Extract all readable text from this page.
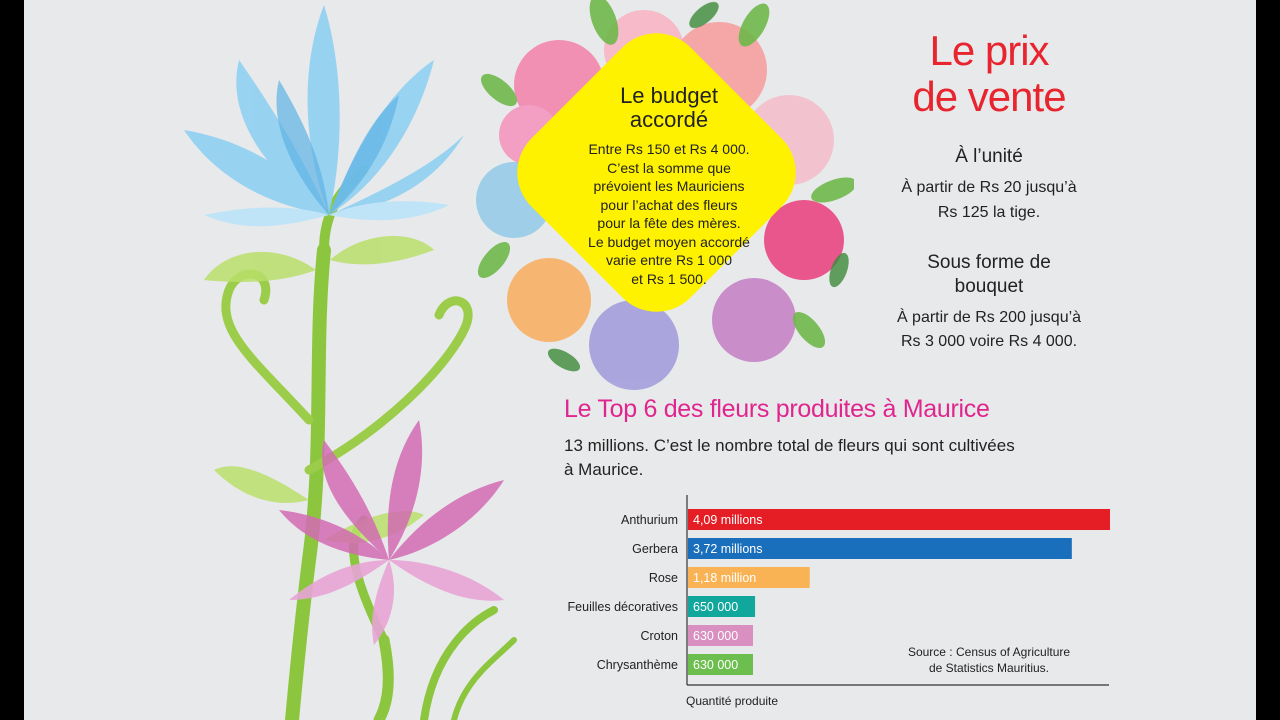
Le budget accordé
Entre Rs 150 et Rs 4 000.
C’est la somme que
prévoient les Mauriciens
pour l’achat des fleurs
pour la fête des mères.
Le budget moyen accordé
varie entre Rs 1 000
et Rs 1 500.
Le prix
de vente
À l’unité
À partir de Rs 20 jusqu’à
Rs 125 la tige.
Sous forme de
bouquet
À partir de Rs 200 jusqu’à
Rs 3 000 voire Rs 4 000.
Le Top 6 des fleurs produites à Maurice
13 millions. C’est le nombre total de fleurs qui sont cultivées à Maurice.
Anthurium 4,09 millions
Gerbera 3,72 millions
Rose 1,18 million
Feuilles décoratives 650 000
Croton 630 000
Chrysanthème 630 000
Source : Census of Agriculture
de Statistics Mauritius.
Quantité produite
